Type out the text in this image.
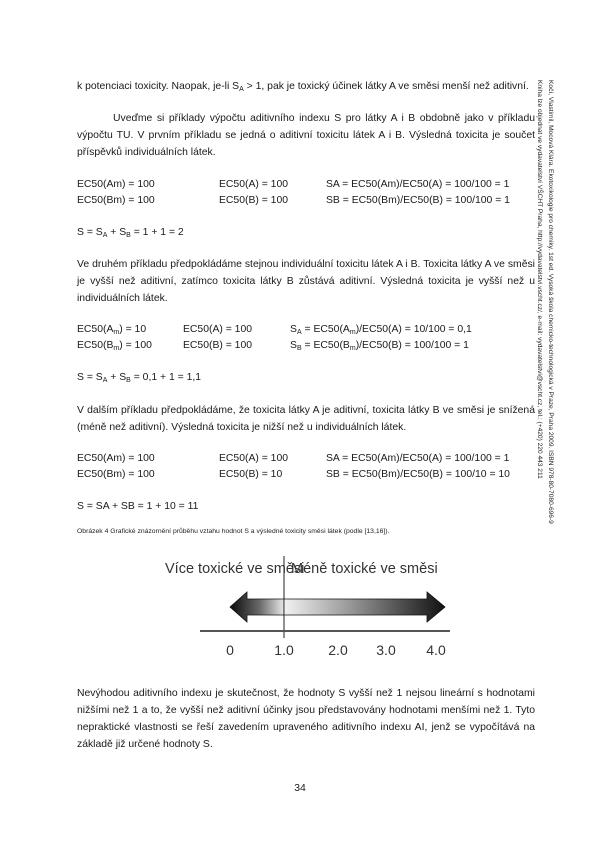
k potenciaci toxicity. Naopak, je-li $S_A > 1$, pak je toxický účinek látky A ve směsi menší než aditivní.

Uveďme si příklady výpočtu aditivního indexu S pro látky A i B obdobně jako v příkladu výpočtu TU. V prvním příkladu se jedná o aditivní toxicitu látek A i B. Výsledná toxicita je součet příspěvků individuálních látek.

EC50(Am) = 100	EC50(A) = 100	SA = EC50(Am)/EC50(A) = 100/100 = 1
EC50(Bm) = 100	EC50(B) = 100	SB = EC50(Bm)/EC50(B) = 100/100 = 1
$S = S_A + S_B = 1 + 1 = 2$

Ve druhém příkladu předpokládáme stejnou individuální toxicitu látek A i B. Toxicita látky A ve směsi je vyšší než aditivní, zatímco toxicita látky B zůstává aditivní. Výsledná toxicita je vyšší než u individuálních látek.

$EC50(A_m) = 10$	EC50(A) = 100	$S_A = EC50(A_m)/EC50(A) = 10/100 = 0,1$
$EC50(B_m) = 100$	EC50(B) = 100	$S_B = EC50(B_m)/EC50(B) = 100/100 = 1$
$S = S_A + S_B = 0,1 + 1 = 1,1$

V dalším příkladu předpokládáme, že toxicita látky A je aditivní, toxicita látky B ve směsi je snížená (méně než aditivní). Výsledná toxicita je nižší než u individuálních látek.

EC50(Am) = 100	EC50(A) = 100	SA = EC50(Am)/EC50(A) = 100/100 = 1
EC50(Bm) = 100	EC50(B) = 10	SB = EC50(Bm)/EC50(B) = 100/10 = 10
S = SA + SB = 1 + 10 = 11
Obrázek 4 Grafické znázornění průběhu vztahu hodnot S a výsledné toxicity směsi látek (podle [13,16]).
Více toxické ve směsi
Méně toxické ve směsi
0	1.0 2.0 3.0 4.0

Nevýhodou aditivního indexu je skutečnost, že hodnoty S vyšší než 1 nejsou lineární s hodnotami nižšími než 1 a to, že vyšší než aditivní účinky jsou představovány hodnotami menšími než 1. Tyto nepraktické vlastnosti se řeší zavedením upraveného aditivního indexu AI, jenž se vypočítává na základě již určené hodnoty S.

Kočí, Vlastimil, Mocová Klára. Ekotoxikologie pro chemiky. 1st ed. Vysoká škola chemicko-technologická v Praze, Praha 2009. ISBN 978-80-7080-696-9
Kniha lze objednat ve vydavatelství VŠCHT Praha, http://vydavatelstvi.vscht.cz/, e-mail: vydavatelstvi@vscht.cz, tel.: (+420) 220 443 211
34
